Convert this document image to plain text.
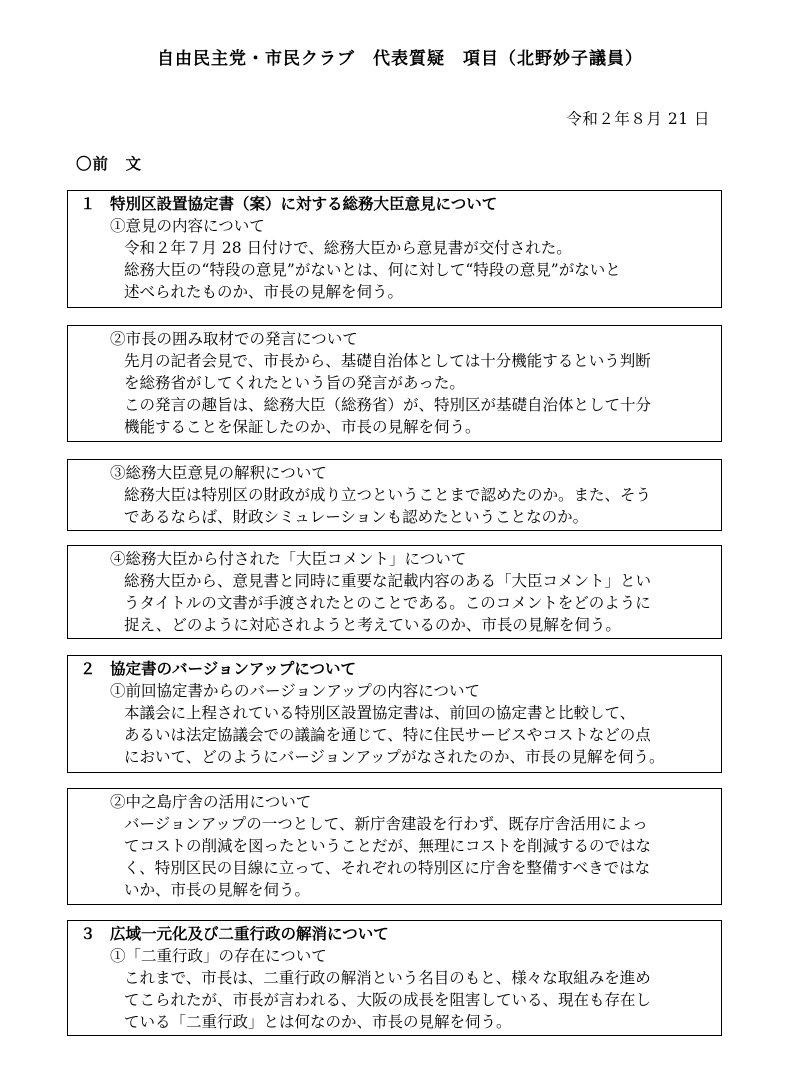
自由民主党・市民クラブ　代表質疑　項目（北野妙子議員）
令和２年８月 21 日
〇前　文
１ 特別区設置協定書（案）に対する総務大臣意見について
①意見の内容について
令和２年７月 28 日付けで、総務大臣から意見書が交付された。
総務大臣の“特段の意見”がないとは、何に対して“特段の意見”がないと
述べられたものか、市長の見解を伺う。
②市長の囲み取材での発言について
先月の記者会見で、市長から、基礎自治体としては十分機能するという判断
を総務省がしてくれたという旨の発言があった。
この発言の趣旨は、総務大臣（総務省）が、特別区が基礎自治体として十分
機能することを保証したのか、市長の見解を伺う。
③総務大臣意見の解釈について
総務大臣は特別区の財政が成り立つということまで認めたのか。また、そう
であるならば、財政シミュレーションも認めたということなのか。
④総務大臣から付された「大臣コメント」について
総務大臣から、意見書と同時に重要な記載内容のある「大臣コメント」とい
うタイトルの文書が手渡されたとのことである。このコメントをどのように
捉え、どのように対応されようと考えているのか、市長の見解を伺う。
２ 協定書のバージョンアップについて
①前回協定書からのバージョンアップの内容について
本議会に上程されている特別区設置協定書は、前回の協定書と比較して、
あるいは法定協議会での議論を通じて、特に住民サービスやコストなどの点
において、どのようにバージョンアップがなされたのか、市長の見解を伺う。
②中之島庁舎の活用について
バージョンアップの一つとして、新庁舎建設を行わず、既存庁舎活用によっ
てコストの削減を図ったということだが、無理にコストを削減するのではな
く、特別区民の目線に立って、それぞれの特別区に庁舎を整備すべきではな
いか、市長の見解を伺う。
３ 広域一元化及び二重行政の解消について
①「二重行政」の存在について
これまで、市長は、二重行政の解消という名目のもと、様々な取組みを進め
てこられたが、市長が言われる、大阪の成長を阻害している、現在も存在し
ている「二重行政」とは何なのか、市長の見解を伺う。
